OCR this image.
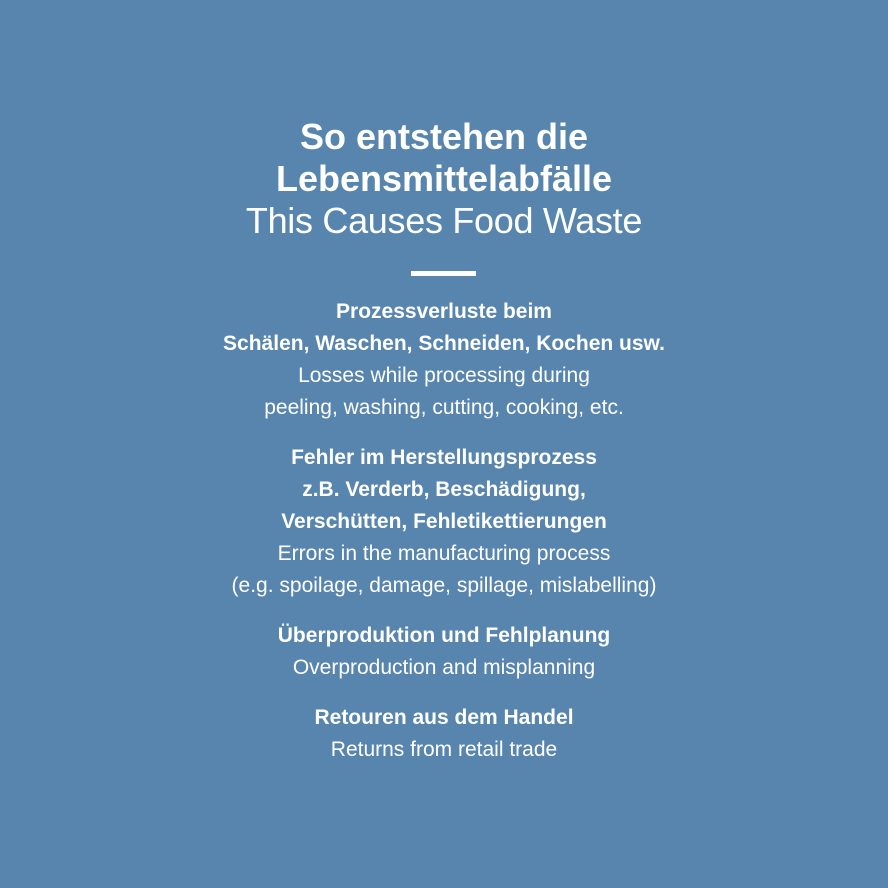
So entstehen die
Lebensmittelabfälle

This Causes Food Waste

Prozessverluste beim
Schälen, Waschen, Schneiden, Kochen usw.

Losses while processing during
peeling, washing, cutting, cooking, etc.

Fehler im Herstellungsprozess
z.B. Verderb, Beschädigung,
Verschütten, Fehletikettierungen

Errors in the manufacturing process
(e.g. spoilage, damage, spillage, mislabelling)

Überproduktion und Fehlplanung

Overproduction and misplanning

Retouren aus dem Handel

Returns from retail trade
